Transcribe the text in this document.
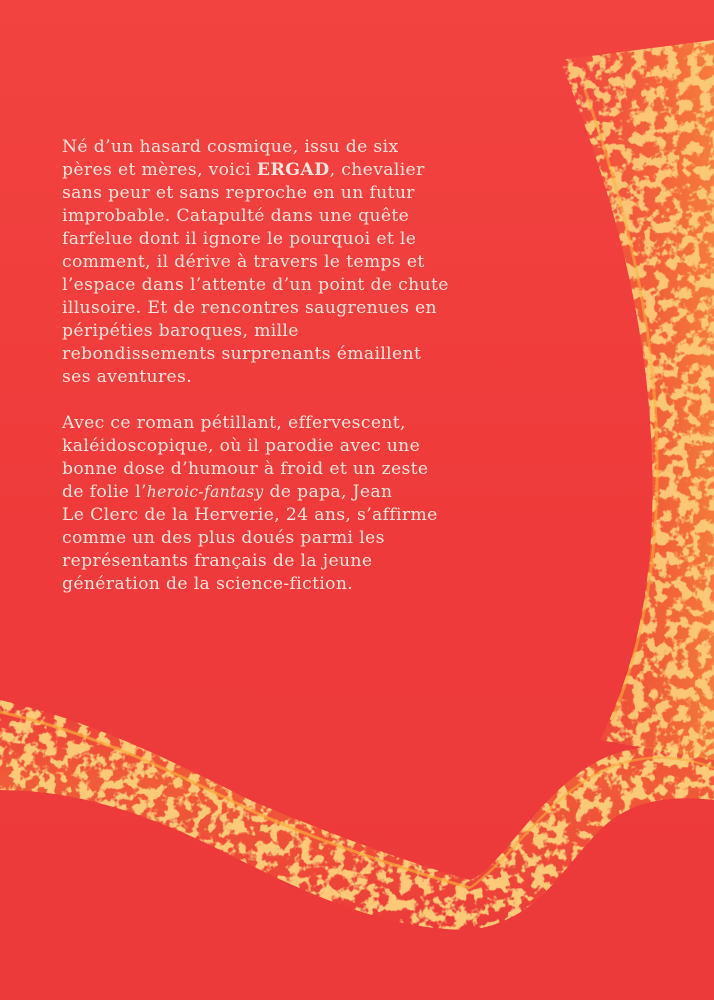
Né d’un hasard cosmique, issu de six
pères et mères, voici ERGAD, chevalier
sans peur et sans reproche en un futur
improbable. Catapulté dans une quête
farfelue dont il ignore le pourquoi et le
comment, il dérive à travers le temps et
l’espace dans l’attente d’un point de chute
illusoire. Et de rencontres saugrenues en
péripéties baroques, mille
rebondissements surprenants émaillent
ses aventures.

Avec ce roman pétillant, effervescent,
kaléidoscopique, où il parodie avec une
bonne dose d’humour à froid et un zeste
de folie l’heroic-fantasy de papa, Jean
Le Clerc de la Herverie, 24 ans, s’affirme
comme un des plus doués parmi les
représentants français de la jeune
génération de la science-fiction.
